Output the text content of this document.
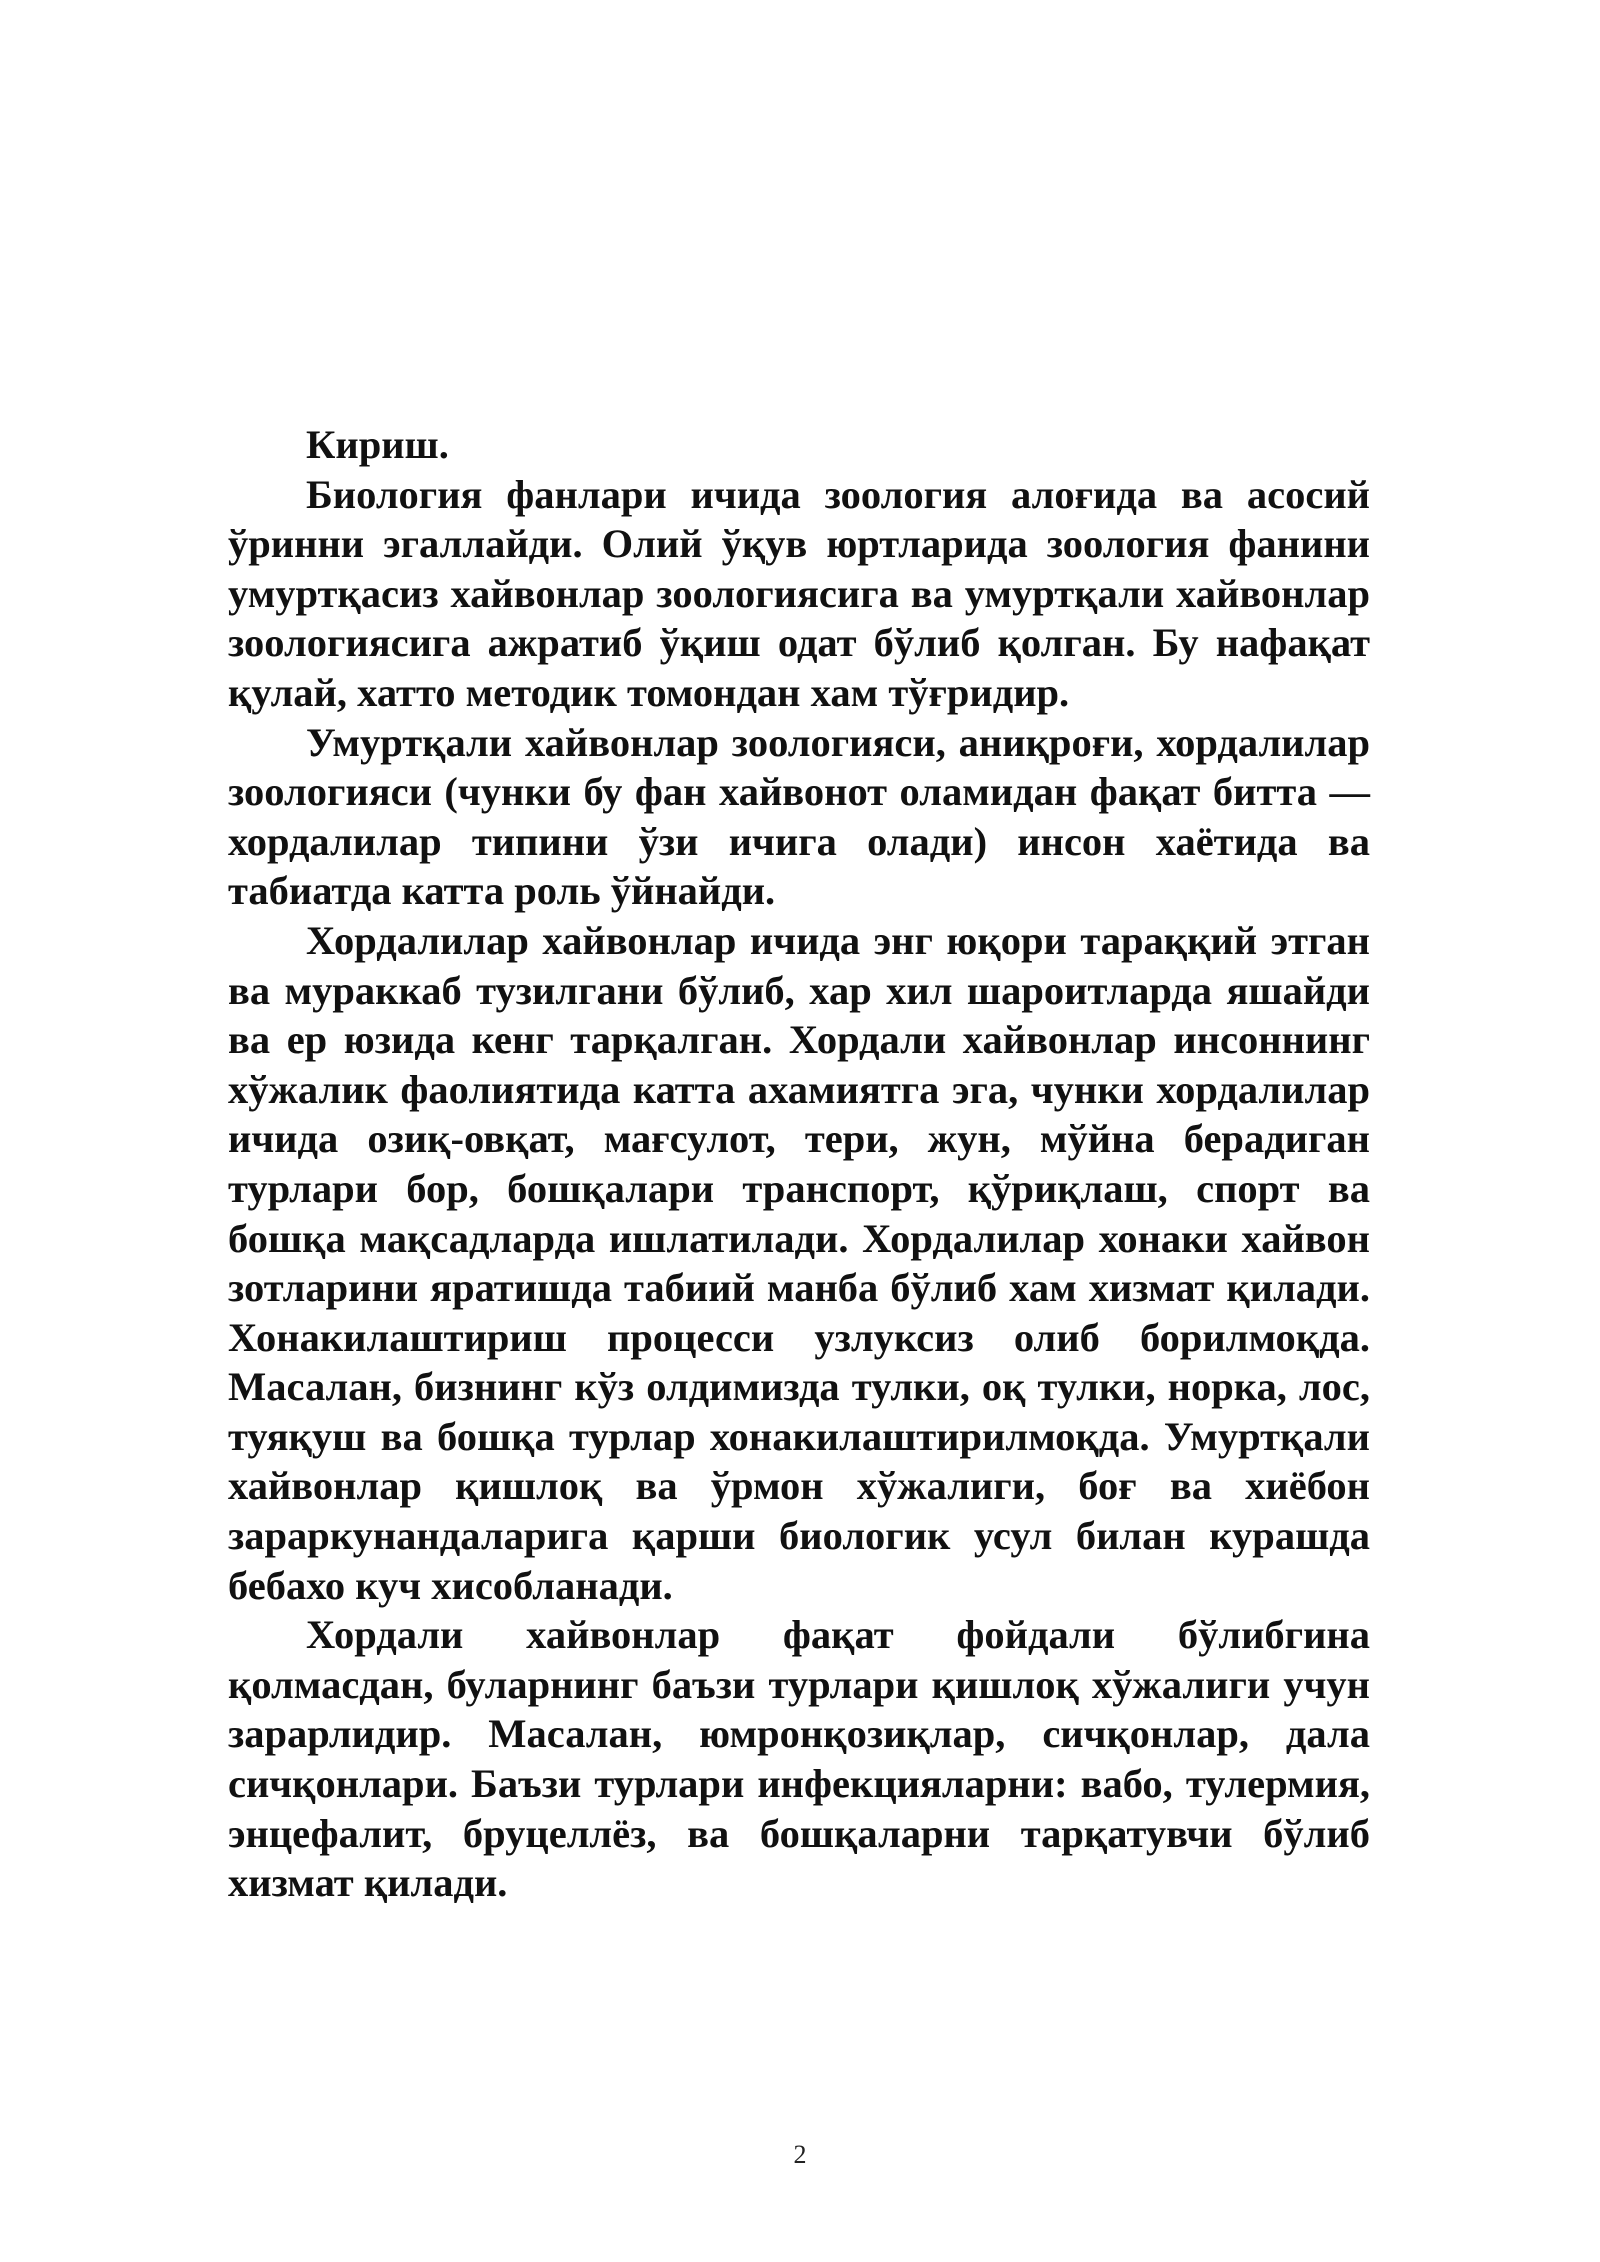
Кириш.

Биология фанлари ичида зоология алоғида ва асосий ўринни эгаллайди. Олий ўқув юртларида зоология фанини умуртқасиз хайвонлар зоологиясига ва умуртқали хайвонлар зоологиясига ажратиб ўқиш одат бўлиб қолган. Бу нафақат қулай, хатто методик томондан хам тўғридир.

Умуртқали хайвонлар зоологияси, аниқроғи, хордалилар зоологияси (чунки бу фан хайвонот оламидан фақат битта — хордалилар типини ўзи ичига олади) инсон хаётида ва табиатда катта роль ўйнайди.

Хордалилар хайвонлар ичида энг юқори тараққий этган ва мураккаб тузилгани бўлиб, хар хил шароитларда яшайди ва ер юзида кенг тарқалган. Хордали хайвонлар инсоннинг хўжалик фаолиятида катта ахамиятга эга, чунки хордалилар ичида озиқ-овқат, мағсулот, тери, жун, мўйна берадиган турлари бор, бошқалари транспорт, қўриқлаш, спорт ва бошқа мақсадларда ишлатилади. Хордалилар хонаки хайвон зотларини яратишда табиий манба бўлиб хам хизмат қилади. Хонакилаштириш процесси узлуксиз олиб борилмоқда. Масалан, бизнинг кўз олдимизда тулки, оқ тулки, норка, лос, туяқуш ва бошқа турлар хонакилаштирилмоқда. Умуртқали хайвонлар қишлоқ ва ўрмон хўжалиги, боғ ва хиёбон зараркунандаларига қарши биологик усул билан курашда бебахо куч хисобланади.

Хордали хайвонлар фақат фойдали бўлибгина қолмасдан, буларнинг баъзи турлари қишлоқ хўжалиги учун зарарлидир. Масалан, юмронқозиқлар, сичқонлар, дала сичқонлари. Баъзи турлари инфекцияларни: вабо, тулермия, энцефалит, бруцеллёз, ва бошқаларни тарқатувчи бўлиб хизмат қилади.

2
